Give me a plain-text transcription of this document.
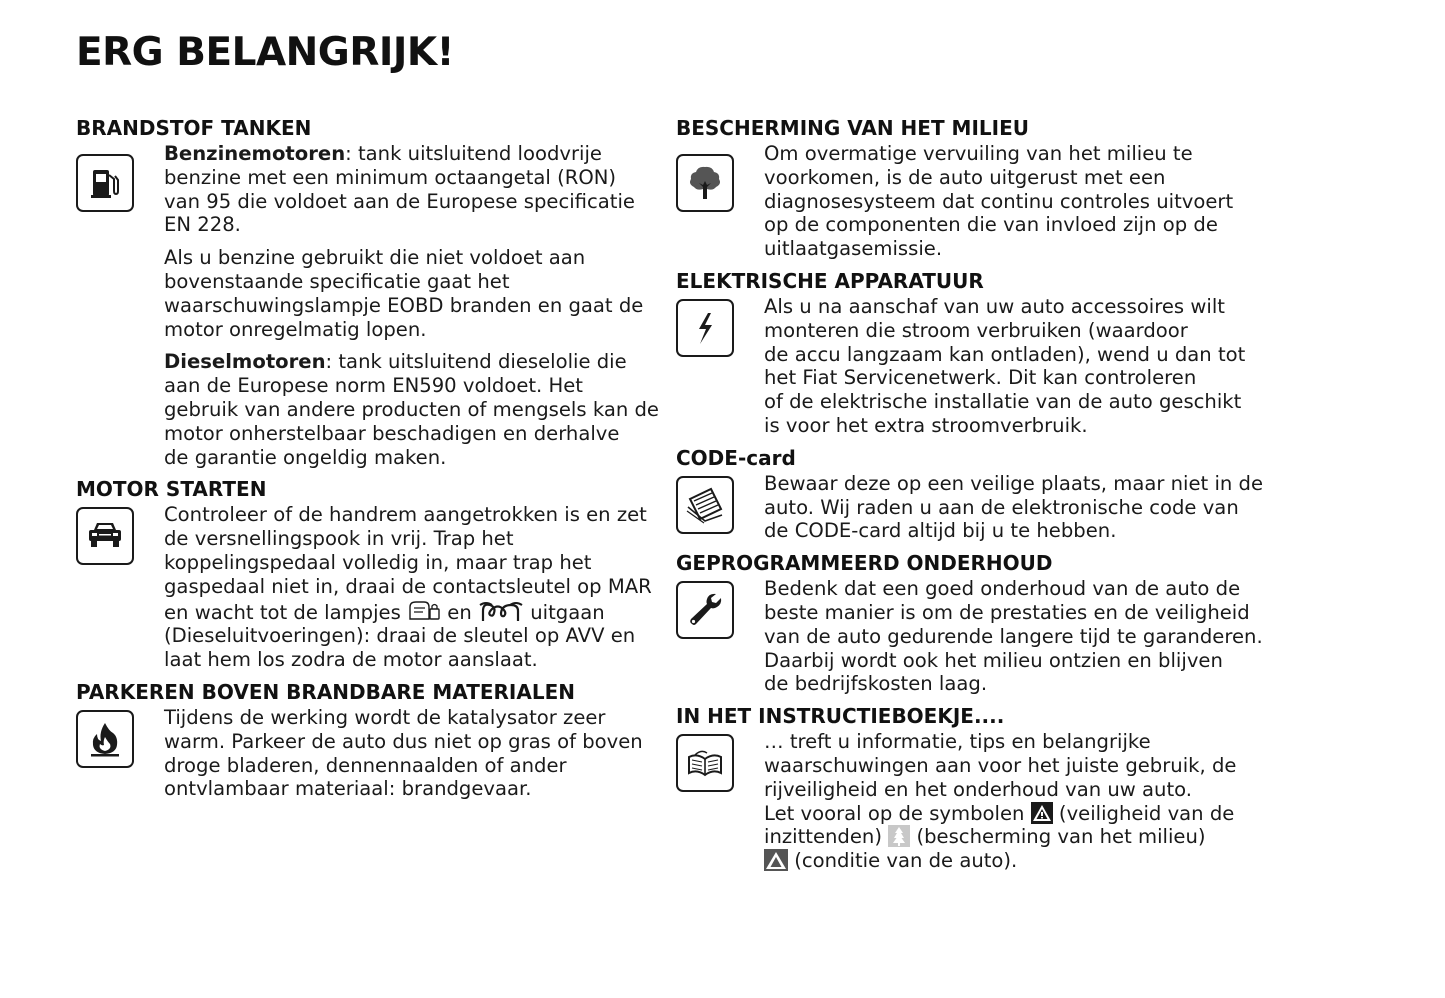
ERG BELANGRIJK!
BRANDSTOF TANKEN

Benzinemotoren: tank uitsluitend loodvrije
benzine met een minimum octaangetal (RON)
van 95 die voldoet aan de Europese specificatie
EN 228.

Als u benzine gebruikt die niet voldoet aan
bovenstaande specificatie gaat het
waarschuwingslampje EOBD branden en gaat de
motor onregelmatig lopen.

Dieselmotoren: tank uitsluitend dieselolie die
aan de Europese norm EN590 voldoet. Het
gebruik van andere producten of mengsels kan de
motor onherstelbaar beschadigen en derhalve
de garantie ongeldig maken.

MOTOR STARTEN

Controleer of de handrem aangetrokken is en zet
de versnellingspook in vrij. Trap het
koppelingspedaal volledig in, maar trap het
gaspedaal niet in, draai de contactsleutel op MAR
en wacht tot de lampjes en	uitgaan
(Dieseluitvoeringen): draai de sleutel op AVV en
laat hem los zodra de motor aanslaat.

PARKEREN BOVEN BRANDBARE MATERIALEN

Tijdens de werking wordt de katalysator zeer
warm. Parkeer de auto dus niet op gras of boven
droge bladeren, dennennaalden of ander
ontvlambaar materiaal: brandgevaar.

BESCHERMING VAN HET MILIEU

Om overmatige vervuiling van het milieu te
voorkomen, is de auto uitgerust met een
diagnosesysteem dat continu controles uitvoert
op de componenten die van invloed zijn op de
uitlaatgasemissie.

ELEKTRISCHE APPARATUUR

Als u na aanschaf van uw auto accessoires wilt
monteren die stroom verbruiken (waardoor
de accu langzaam kan ontladen), wend u dan tot
het Fiat Servicenetwerk. Dit kan controleren
of de elektrische installatie van de auto geschikt
is voor het extra stroomverbruik.

CODE-card

Bewaar deze op een veilige plaats, maar niet in de
auto. Wij raden u aan de elektronische code van
de CODE-card altijd bij u te hebben.

GEPROGRAMMEERD ONDERHOUD

Bedenk dat een goed onderhoud van de auto de
beste manier is om de prestaties en de veiligheid
van de auto gedurende langere tijd te garanderen.
Daarbij wordt ook het milieu ontzien en blijven
de bedrijfskosten laag.

IN HET INSTRUCTIEBOEKJE....

… treft u informatie, tips en belangrijke
waarschuwingen aan voor het juiste gebruik, de
rijveiligheid en het onderhoud van uw auto.
Let vooral op de symbolen (veiligheid van de
inzittenden) (bescherming van het milieu)
(conditie van de auto).
